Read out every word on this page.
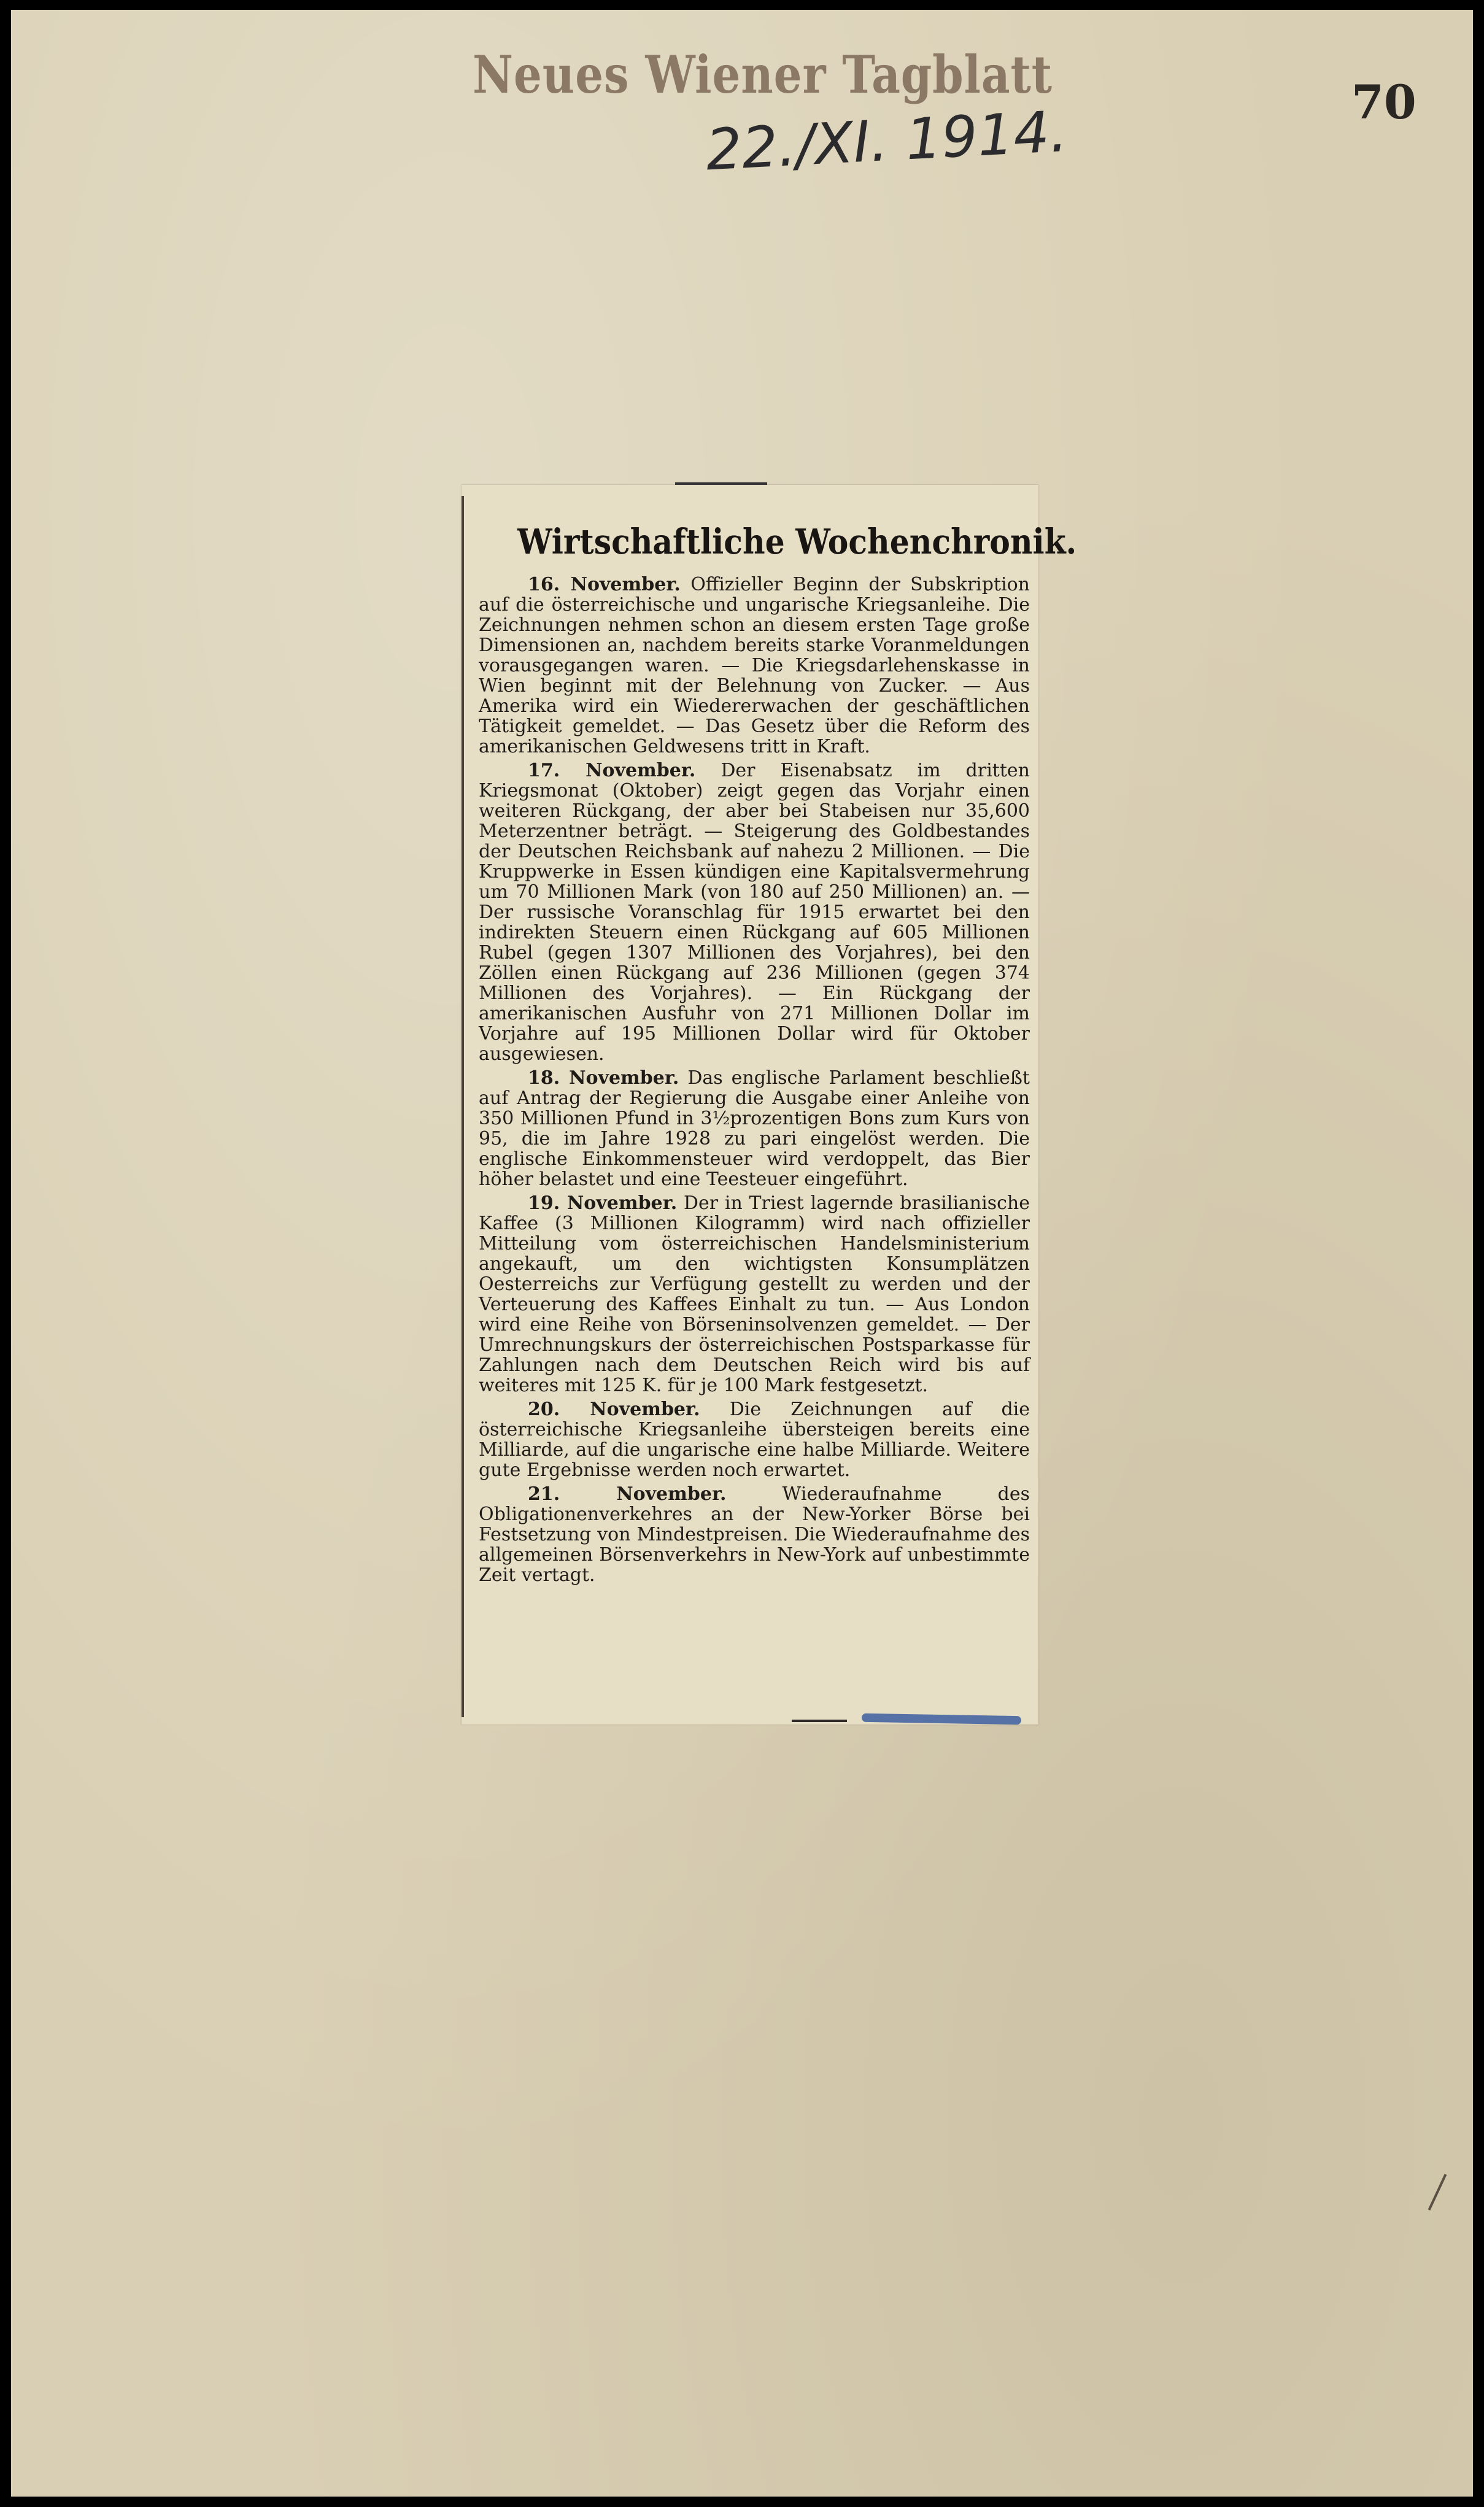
Neues Wiener Tagblatt
22./XI. 1914.	70
Wirtschaftliche Wochenchronik.

16. November. Offizieller Beginn der Subskription auf die österreichische und ungarische Kriegsanleihe. Die Zeichnungen nehmen schon an diesem ersten Tage große Dimensionen an, nachdem bereits starke Voranmeldungen vorausgegangen waren. — Die Kriegsdarlehenskasse in Wien beginnt mit der Belehnung von Zucker. — Aus Amerika wird ein Wiedererwachen der geschäftlichen Tätigkeit gemeldet. — Das Gesetz über die Reform des amerikanischen Geldwesens tritt in Kraft.

17. November. Der Eisenabsatz im dritten Kriegsmonat (Oktober) zeigt gegen das Vorjahr einen weiteren Rückgang, der aber bei Stabeisen nur 35,600 Meterzentner beträgt. — Steigerung des Goldbestandes der Deutschen Reichsbank auf nahezu 2 Millionen. — Die Kruppwerke in Essen kündigen eine Kapitalsvermehrung um 70 Millionen Mark (von 180 auf 250 Millionen) an. — Der russische Voranschlag für 1915 erwartet bei den indirekten Steuern einen Rückgang auf 605 Millionen Rubel (gegen 1307 Millionen des Vorjahres), bei den Zöllen einen Rückgang auf 236 Millionen (gegen 374 Millionen des Vorjahres). — Ein Rückgang der amerikanischen Ausfuhr von 271 Millionen Dollar im Vorjahre auf 195 Millionen Dollar wird für Oktober ausgewiesen.

18. November. Das englische Parlament beschließt auf Antrag der Regierung die Ausgabe einer Anleihe von 350 Millionen Pfund in 3½prozentigen Bons zum Kurs von 95, die im Jahre 1928 zu pari eingelöst werden. Die englische Einkommensteuer wird verdoppelt, das Bier höher belastet und eine Teesteuer eingeführt.

19. November. Der in Triest lagernde brasilianische Kaffee (3 Millionen Kilogramm) wird nach offizieller Mitteilung vom österreichischen Handelsministerium angekauft, um den wichtigsten Konsumplätzen Oesterreichs zur Verfügung gestellt zu werden und der Verteuerung des Kaffees Einhalt zu tun. — Aus London wird eine Reihe von Börseninsolvenzen gemeldet. — Der Umrechnungskurs der österreichischen Postsparkasse für Zahlungen nach dem Deutschen Reich wird bis auf weiteres mit 125 K. für je 100 Mark festgesetzt.

20. November. Die Zeichnungen auf die österreichische Kriegsanleihe übersteigen bereits eine Milliarde, auf die ungarische eine halbe Milliarde. Weitere gute Ergebnisse werden noch erwartet.

21. November.	Wiederaufnahme des Obligationenverkehres an der New-Yorker Börse bei Festsetzung von Mindestpreisen. Die Wiederaufnahme des allgemeinen Börsenverkehrs in New-York auf unbestimmte Zeit vertagt.
